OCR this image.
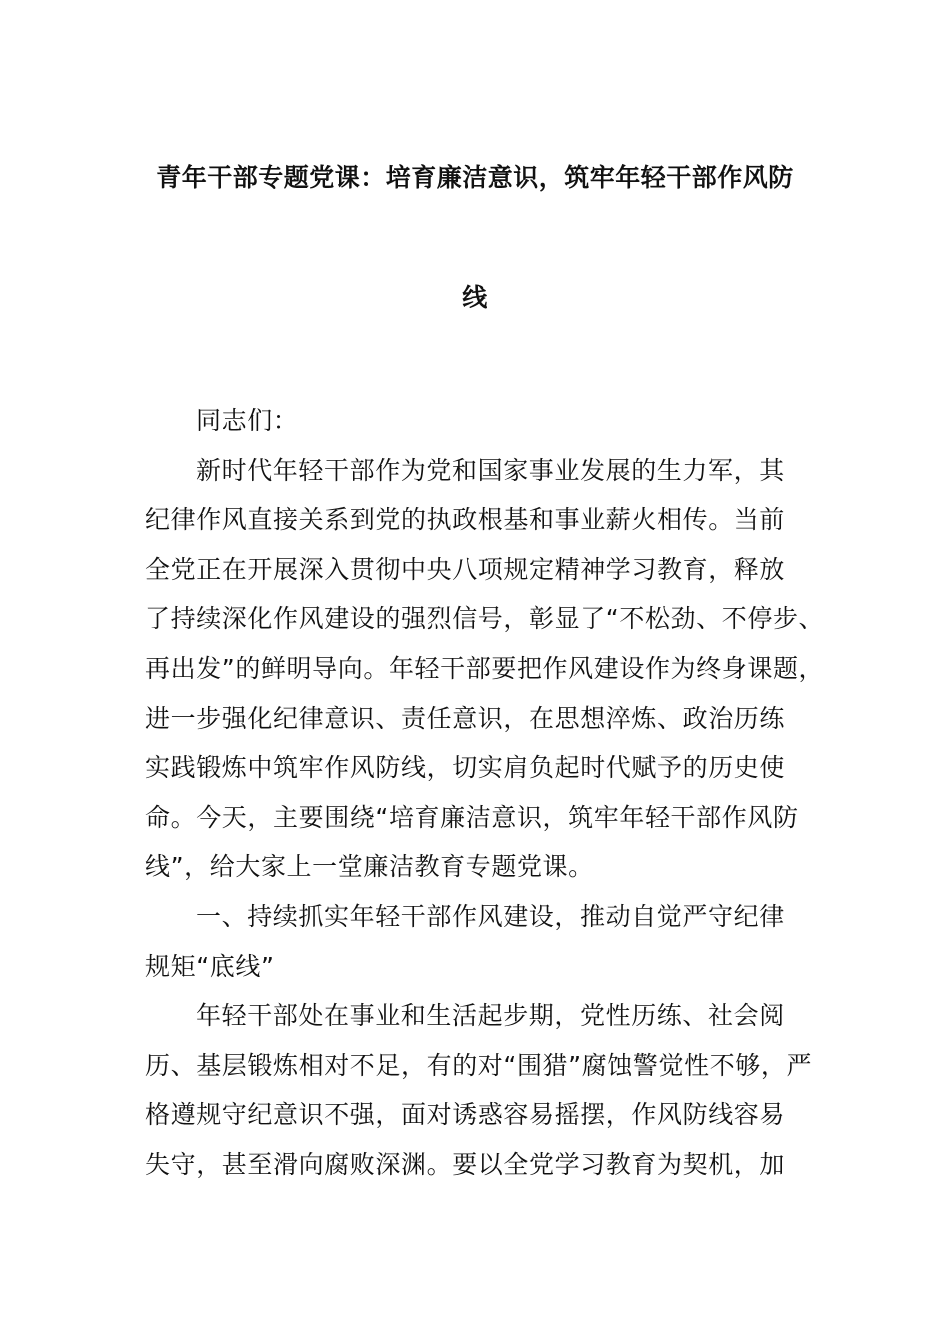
青年干部专题党课：培育廉洁意识，筑牢年轻干部作风防
线
同志们：
新时代年轻干部作为党和国家事业发展的生力军，其
纪律作风直接关系到党的执政根基和事业薪火相传。当前
全党正在开展深入贯彻中央八项规定精神学习教育，释放
了持续深化作风建设的强烈信号，彰显了“不松劲、不停步、
再出发”的鲜明导向。年轻干部要把作风建设作为终身课题，
进一步强化纪律意识、责任意识，在思想淬炼、政治历练
实践锻炼中筑牢作风防线，切实肩负起时代赋予的历史使
命。今天，主要围绕“培育廉洁意识，筑牢年轻干部作风防
线”，给大家上一堂廉洁教育专题党课。
一、持续抓实年轻干部作风建设，推动自觉严守纪律
规矩“底线”
年轻干部处在事业和生活起步期，党性历练、社会阅
历、基层锻炼相对不足，有的对“围猎”腐蚀警觉性不够，严
格遵规守纪意识不强，面对诱惑容易摇摆，作风防线容易
失守，甚至滑向腐败深渊。要以全党学习教育为契机，加
